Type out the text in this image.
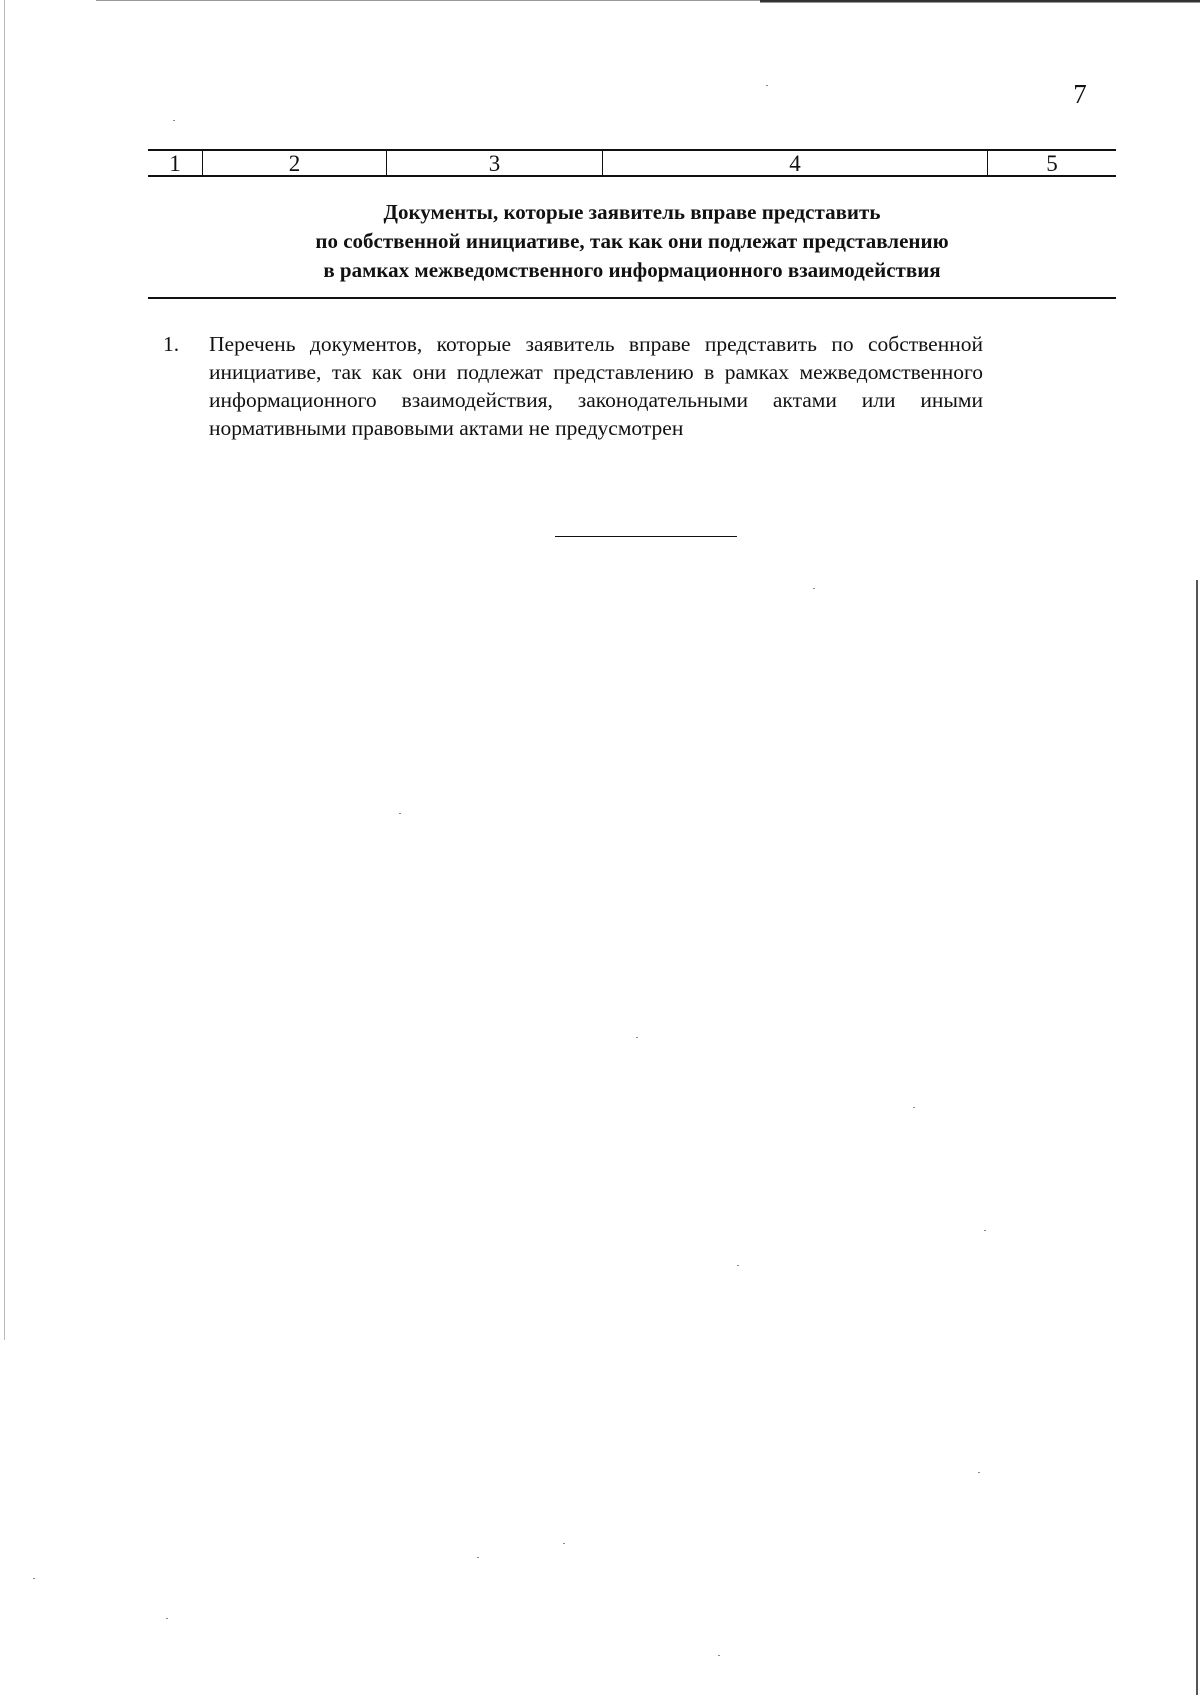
7
1	2	3	4	5
Документы, которые заявитель вправе представить
по собственной инициативе, так как они подлежат представлению
в рамках межведомственного информационного взаимодействия
1.	Перечень документов, которые заявитель вправе представить по собственной инициативе, так как они подлежат представлению в рамках межведомственного информационного взаимодействия, законодательными актами или иными нормативными правовыми актами не предусмотрен
